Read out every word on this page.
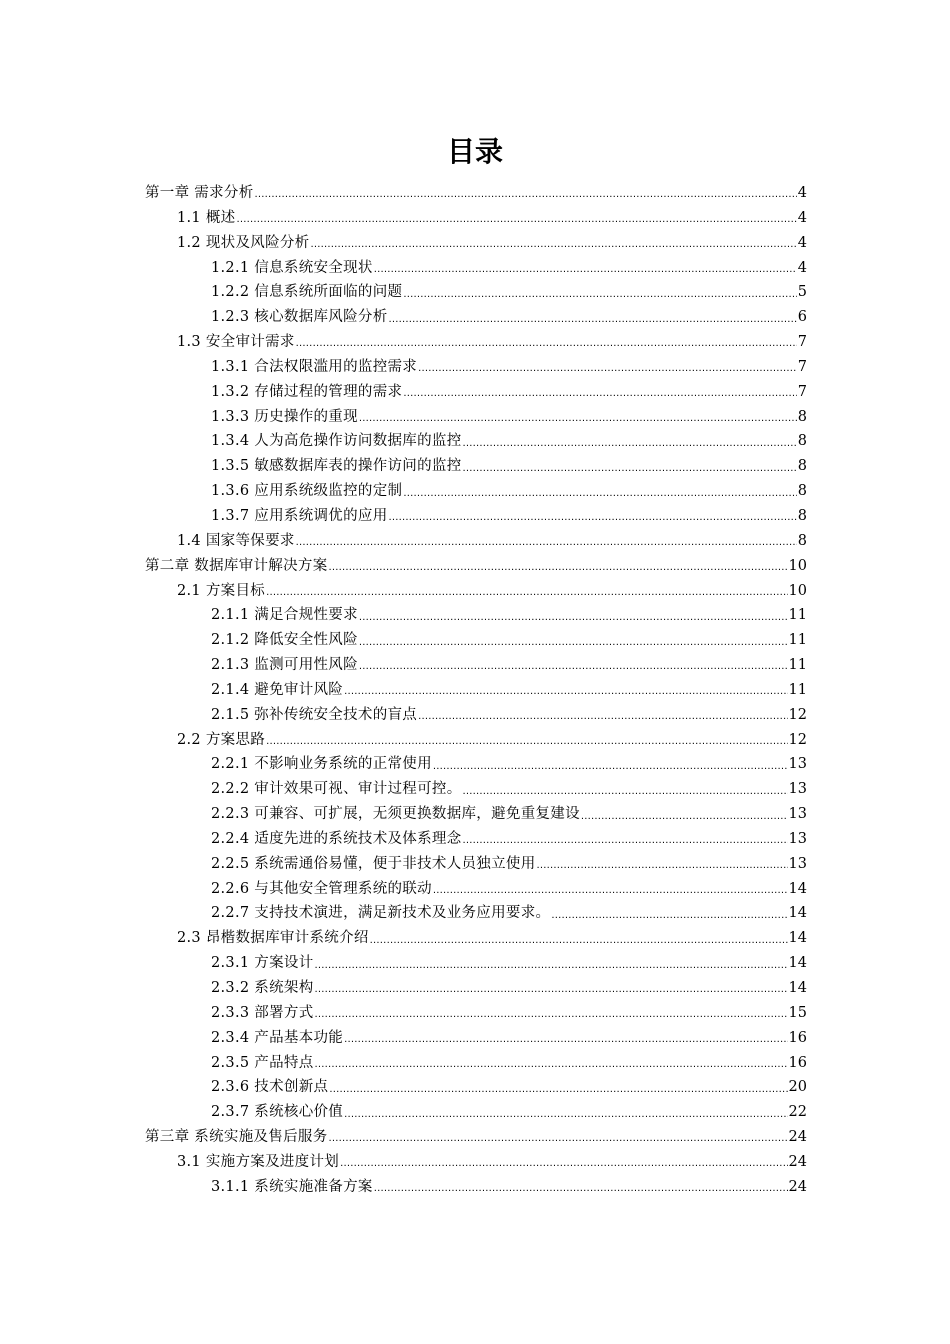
目录
第一章 需求分析 .....	4
1.1 概述 .....	4
1.2 现状及风险分析 .....	4
1.2.1 信息系统安全现状 .....	4
1.2.2 信息系统所面临的问题 .....	5
1.2.3 核心数据库风险分析 .....	6
1.3 安全审计需求 .....	7
1.3.1 合法权限滥用的监控需求 .....	7
1.3.2 存储过程的管理的需求 .....	7
1.3.3 历史操作的重现 .....	8
1.3.4 人为高危操作访问数据库的监控 .....	8
1.3.5 敏感数据库表的操作访问的监控 .....	8
1.3.6 应用系统级监控的定制 .....	8
1.3.7 应用系统调优的应用 .....	8
1.4 国家等保要求 .....	8
第二章 数据库审计解决方案 .....	10
2.1 方案目标 .....	10
2.1.1 满足合规性要求 .....	11
2.1.2 降低安全性风险 .....	11
2.1.3 监测可用性风险 .....	11
2.1.4 避免审计风险 .....	11
2.1.5 弥补传统安全技术的盲点 .....	12
2.2 方案思路 .....	12
2.2.1 不影响业务系统的正常使用 .....	13
2.2.2 审计效果可视、审计过程可控。 .....	13
2.2.3 可兼容、可扩展，无须更换数据库，避免重复建设 .....	13
2.2.4 适度先进的系统技术及体系理念 .....	13
2.2.5 系统需通俗易懂，便于非技术人员独立使用 .....	13
2.2.6 与其他安全管理系统的联动 .....	14
2.2.7 支持技术演进，满足新技术及业务应用要求。 .....	14
2.3 昂楷数据库审计系统介绍 .....	14
2.3.1 方案设计 .....	14
2.3.2 系统架构 .....	14
2.3.3 部署方式 .....	15
2.3.4 产品基本功能 .....	16
2.3.5 产品特点 .....	16
2.3.6 技术创新点 .....	20
2.3.7 系统核心价值 .....	22
第三章 系统实施及售后服务 .....	24
3.1 实施方案及进度计划 .....	24
3.1.1 系统实施准备方案 .....	24
